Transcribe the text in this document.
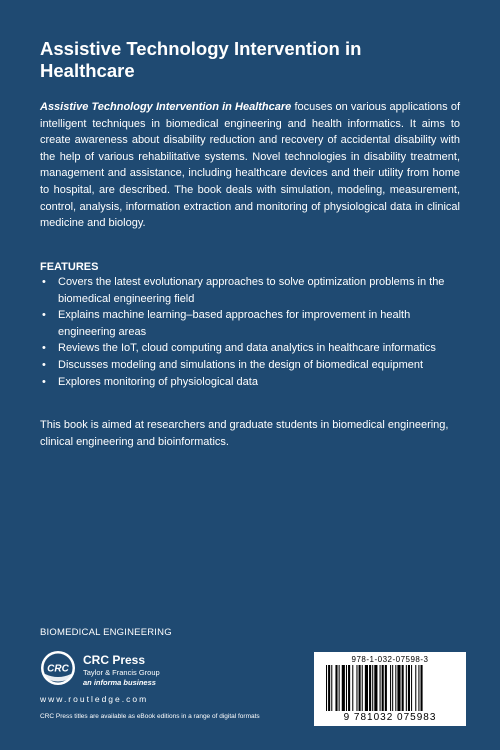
Assistive Technology Intervention in Healthcare
Assistive Technology Intervention in Healthcare focuses on various applications of intelligent techniques in biomedical engineering and health informatics. It aims to create awareness about disability reduction and recovery of accidental disability with the help of various rehabilitative systems. Novel technologies in disability treatment, management and assistance, including healthcare devices and their utility from home to hospital, are described. The book deals with simulation, modeling, measurement, control, analysis, information extraction and monitoring of physiological data in clinical medicine and biology.
FEATURES
• Covers the latest evolutionary approaches to solve optimization problems in the biomedical engineering field
• Explains machine learning–based approaches for improvement in health engineering areas
• Reviews the IoT, cloud computing and data analytics in healthcare informatics
• Discusses modeling and simulations in the design of biomedical equipment
• Explores monitoring of physiological data
This book is aimed at researchers and graduate students in biomedical engineering, clinical engineering and bioinformatics.
BIOMEDICAL ENGINEERING
CRC
CRC Press
Taylor & Francis Group
an informa business
www.routledge.com
CRC Press titles are available as eBook editions in a range of digital formats
978-1-032-07598-3
9 781032 075983
